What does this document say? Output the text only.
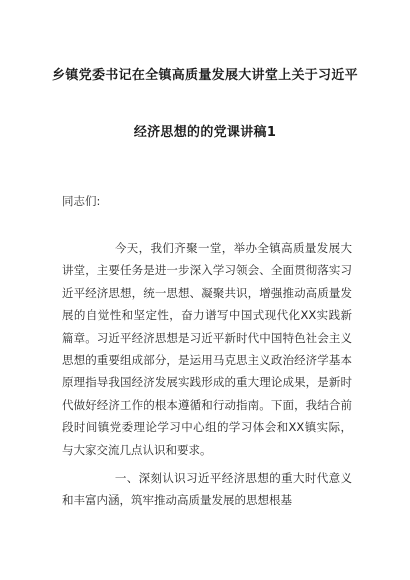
乡镇党委书记在全镇高质量发展大讲堂上关于习近平
经济思想的的党课讲稿1

同志们:

今天，我们齐聚一堂，举办全镇高质量发展大讲堂，主要任务是进一步深入学习领会、全面贯彻落实习近平经济思想，统一思想、凝聚共识，增强推动高质量发展的自觉性和坚定性，奋力谱写中国式现代化XX实践新篇章。习近平经济思想是习近平新时代中国特色社会主义思想的重要组成部分，是运用马克思主义政治经济学基本原理指导我国经济发展实践形成的重大理论成果，是新时代做好经济工作的根本遵循和行动指南。下面，我结合前段时间镇党委理论学习中心组的学习体会和XX镇实际，与大家交流几点认识和要求。

一、深刻认识习近平经济思想的重大时代意义和丰富内涵，筑牢推动高质量发展的思想根基
